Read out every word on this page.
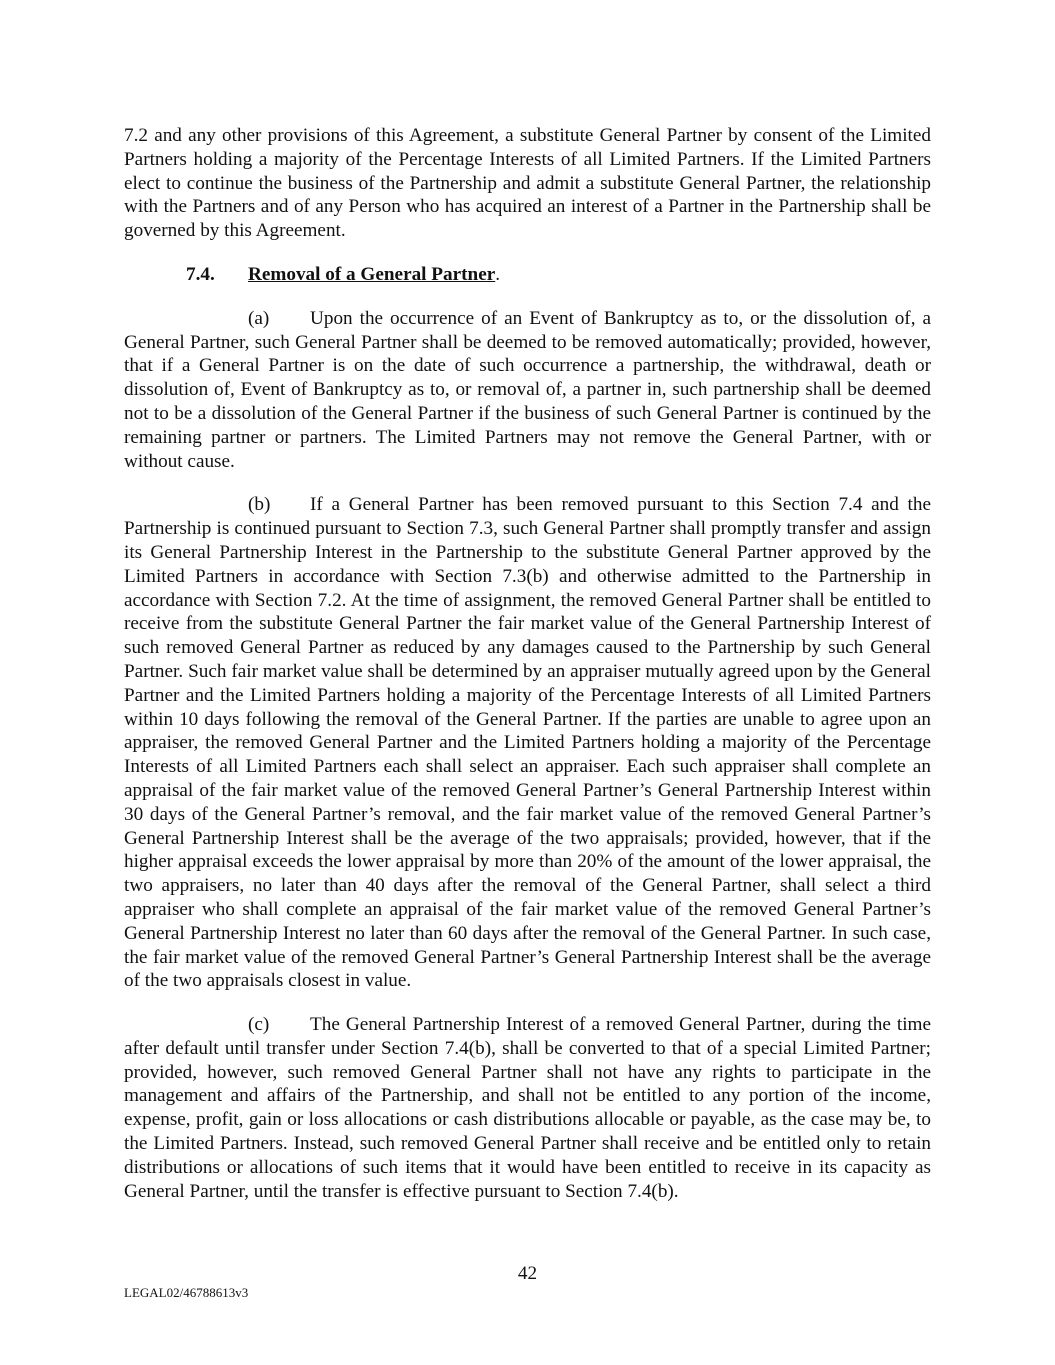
7.2 and any other provisions of this Agreement, a substitute General Partner by consent of the Limited Partners holding a majority of the Percentage Interests of all Limited Partners. If the Limited Partners elect to continue the business of the Partnership and admit a substitute General Partner, the relationship with the Partners and of any Person who has acquired an interest of a Partner in the Partnership shall be governed by this Agreement.

7.4. Removal of a General Partner.

(a) Upon the occurrence of an Event of Bankruptcy as to, or the dissolution of, a General Partner, such General Partner shall be deemed to be removed automatically; provided, however, that if a General Partner is on the date of such occurrence a partnership, the withdrawal, death or dissolution of, Event of Bankruptcy as to, or removal of, a partner in, such partnership shall be deemed not to be a dissolution of the General Partner if the business of such General Partner is continued by the remaining partner or partners. The Limited Partners may not remove the General Partner, with or without cause.

(b) If a General Partner has been removed pursuant to this Section 7.4 and the Partnership is continued pursuant to Section 7.3, such General Partner shall promptly transfer and assign its General Partnership Interest in the Partnership to the substitute General Partner approved by the Limited Partners in accordance with Section 7.3(b) and otherwise admitted to the Partnership in accordance with Section 7.2. At the time of assignment, the removed General Partner shall be entitled to receive from the substitute General Partner the fair market value of the General Partnership Interest of such removed General Partner as reduced by any damages caused to the Partnership by such General Partner. Such fair market value shall be determined by an appraiser mutually agreed upon by the General Partner and the Limited Partners holding a majority of the Percentage Interests of all Limited Partners within 10 days following the removal of the General Partner. If the parties are unable to agree upon an appraiser, the removed General Partner and the Limited Partners holding a majority of the Percentage Interests of all Limited Partners each shall select an appraiser. Each such appraiser shall complete an appraisal of the fair market value of the removed General Partner’s General Partnership Interest within 30 days of the General Partner’s removal, and the fair market value of the removed General Partner’s General Partnership Interest shall be the average of the two appraisals; provided, however, that if the higher appraisal exceeds the lower appraisal by more than 20% of the amount of the lower appraisal, the two appraisers, no later than 40 days after the removal of the General Partner, shall select a third appraiser who shall complete an appraisal of the fair market value of the removed General Partner’s General Partnership Interest no later than 60 days after the removal of the General Partner. In such case, the fair market value of the removed General Partner’s General Partnership Interest shall be the average of the two appraisals closest in value.

(c) The General Partnership Interest of a removed General Partner, during the time after default until transfer under Section 7.4(b), shall be converted to that of a special Limited Partner; provided, however, such removed General Partner shall not have any rights to participate in the management and affairs of the Partnership, and shall not be entitled to any portion of the income, expense, profit, gain or loss allocations or cash distributions allocable or payable, as the case may be, to the Limited Partners. Instead, such removed General Partner shall receive and be entitled only to retain distributions or allocations of such items that it would have been entitled to receive in its capacity as General Partner, until the transfer is effective pursuant to Section 7.4(b).

42
LEGAL02/46788613v3
